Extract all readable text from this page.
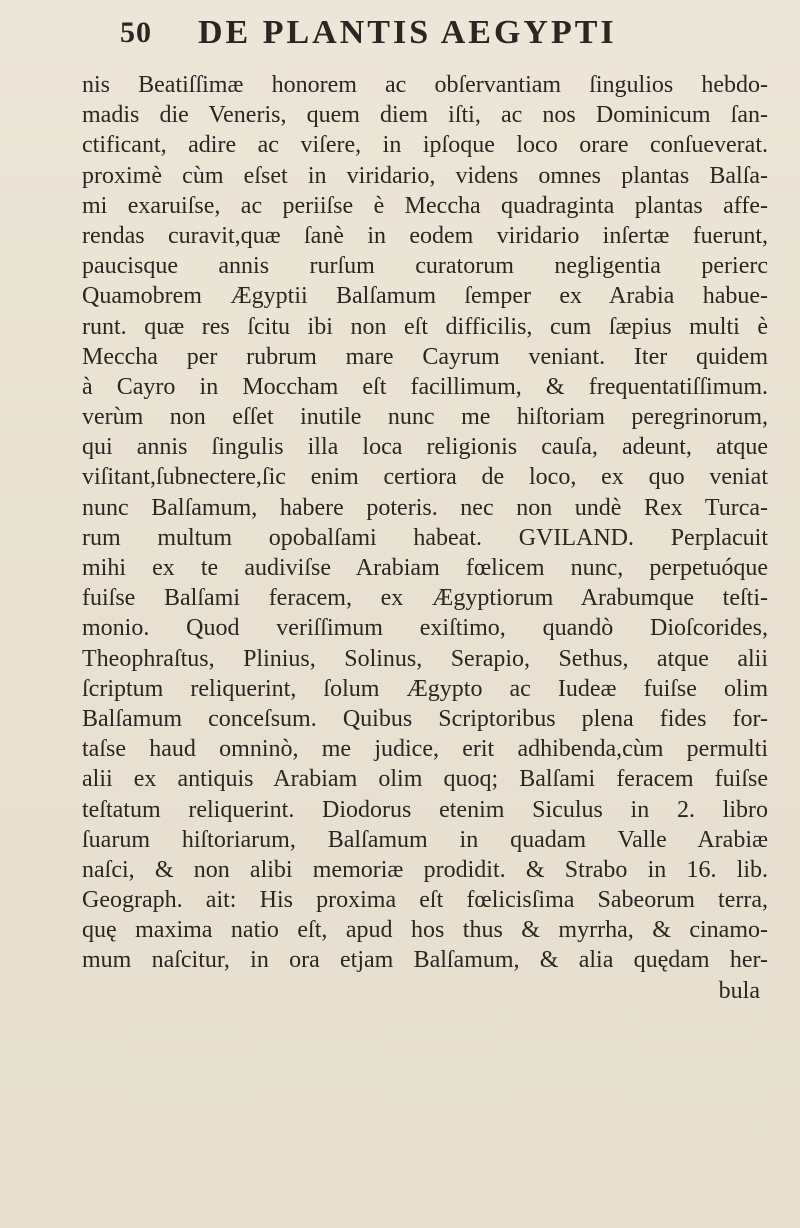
50 DE PLANTIS AEGYPTI
nis Beatiſſimæ honorem ac obſervantiam ſingulios hebdo-
madis die Veneris, quem diem iſti, ac nos Dominicum ſan-
ctificant, adire ac viſere, in ipſoque loco orare conſueverat.
proximè cùm eſset in viridario, videns omnes plantas Balſa-
mi exaruiſse, ac periiſse è Meccha quadraginta plantas affe-
rendas curavit,quæ ſanè in eodem viridario inſertæ fuerunt,
paucisque annis rurſum curatorum negligentia perierc
Quamobrem Ægyptii Balſamum ſemper ex Arabia habue-
runt. quæ res ſcitu ibi non eſt difficilis, cum ſæpius multi è
Meccha per rubrum mare Cayrum veniant. Iter quidem
à Cayro in Moccham eſt facillimum, & frequentatiſſimum.
verùm non eſſet inutile nunc me hiſtoriam peregrinorum,
qui annis ſingulis illa loca religionis cauſa, adeunt, atque
viſitant,ſubnectere,ſic enim certiora de loco, ex quo veniat
nunc Balſamum, habere poteris. nec non undè Rex Turca-
rum multum opobalſami habeat. GVILAND. Perplacuit
mihi ex te audiviſse Arabiam fœlicem nunc, perpetuóque
fuiſse Balſami feracem, ex Ægyptiorum Arabumque teſti-
monio. Quod veriſſimum exiſtimo, quandò Dioſcorides,
Theophraſtus, Plinius, Solinus, Serapio, Sethus, atque alii
ſcriptum reliquerint, ſolum Ægypto ac Iudeæ fuiſse olim
Balſamum conceſsum. Quibus Scriptoribus plena fides for-
taſse haud omninò, me judice, erit adhibenda,cùm permulti
alii ex antiquis Arabiam olim quoq; Balſami feracem fuiſse
teſtatum reliquerint. Diodorus etenim Siculus in 2. libro
ſuarum hiſtoriarum, Balſamum in quadam Valle Arabiæ
naſci, & non alibi memoriæ prodidit. & Strabo in 16. lib.
Geograph. ait: His proxima eſt fœlicisſima Sabeorum terra,
quę maxima natio eſt, apud hos thus & myrrha, & cinamo-
mum naſcitur, in ora etjam Balſamum, & alia quędam her-
bula
